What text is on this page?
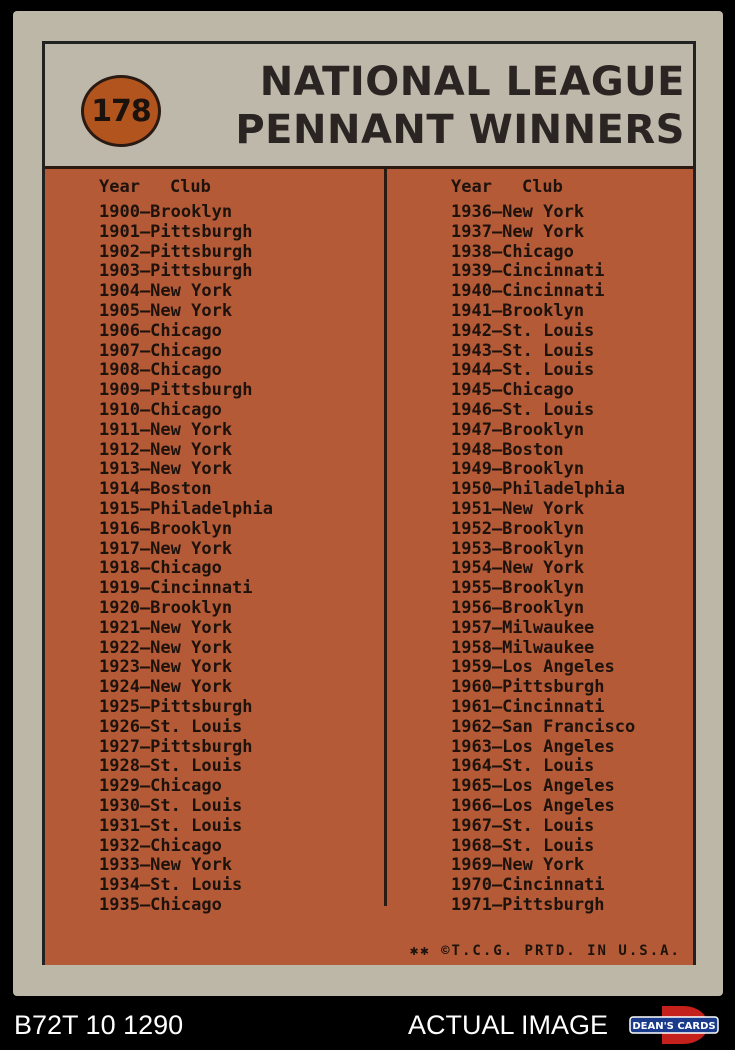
178
NATIONAL LEAGUE
PENNANT WINNERS
Year Club
1900—Brooklyn
1901—Pittsburgh
1902—Pittsburgh
1903—Pittsburgh
1904—New York
1905—New York
1906—Chicago
1907—Chicago
1908—Chicago
1909—Pittsburgh
1910—Chicago
1911—New York
1912—New York
1913—New York
1914—Boston
1915—Philadelphia
1916—Brooklyn
1917—New York
1918—Chicago
1919—Cincinnati
1920—Brooklyn
1921—New York
1922—New York
1923—New York
1924—New York
1925—Pittsburgh
1926—St. Louis
1927—Pittsburgh
1928—St. Louis
1929—Chicago
1930—St. Louis
1931—St. Louis
1932—Chicago
1933—New York
1934—St. Louis
1935—Chicago
Year Club
1936—New York
1937—New York
1938—Chicago
1939—Cincinnati
1940—Cincinnati
1941—Brooklyn
1942—St. Louis
1943—St. Louis
1944—St. Louis
1945—Chicago
1946—St. Louis
1947—Brooklyn
1948—Boston
1949—Brooklyn
1950—Philadelphia
1951—New York
1952—Brooklyn
1953—Brooklyn
1954—New York
1955—Brooklyn
1956—Brooklyn
1957—Milwaukee
1958—Milwaukee
1959—Los Angeles
1960—Pittsburgh
1961—Cincinnati
1962—San Francisco
1963—Los Angeles
1964—St. Louis
1965—Los Angeles
1966—Los Angeles
1967—St. Louis
1968—St. Louis
1969—New York
1970—Cincinnati
1971—Pittsburgh
✱✱ ©T.C.G. PRTD. IN U.S.A.
B72T 10 1290	ACTUAL IMAGE DEAN'S CARDS
